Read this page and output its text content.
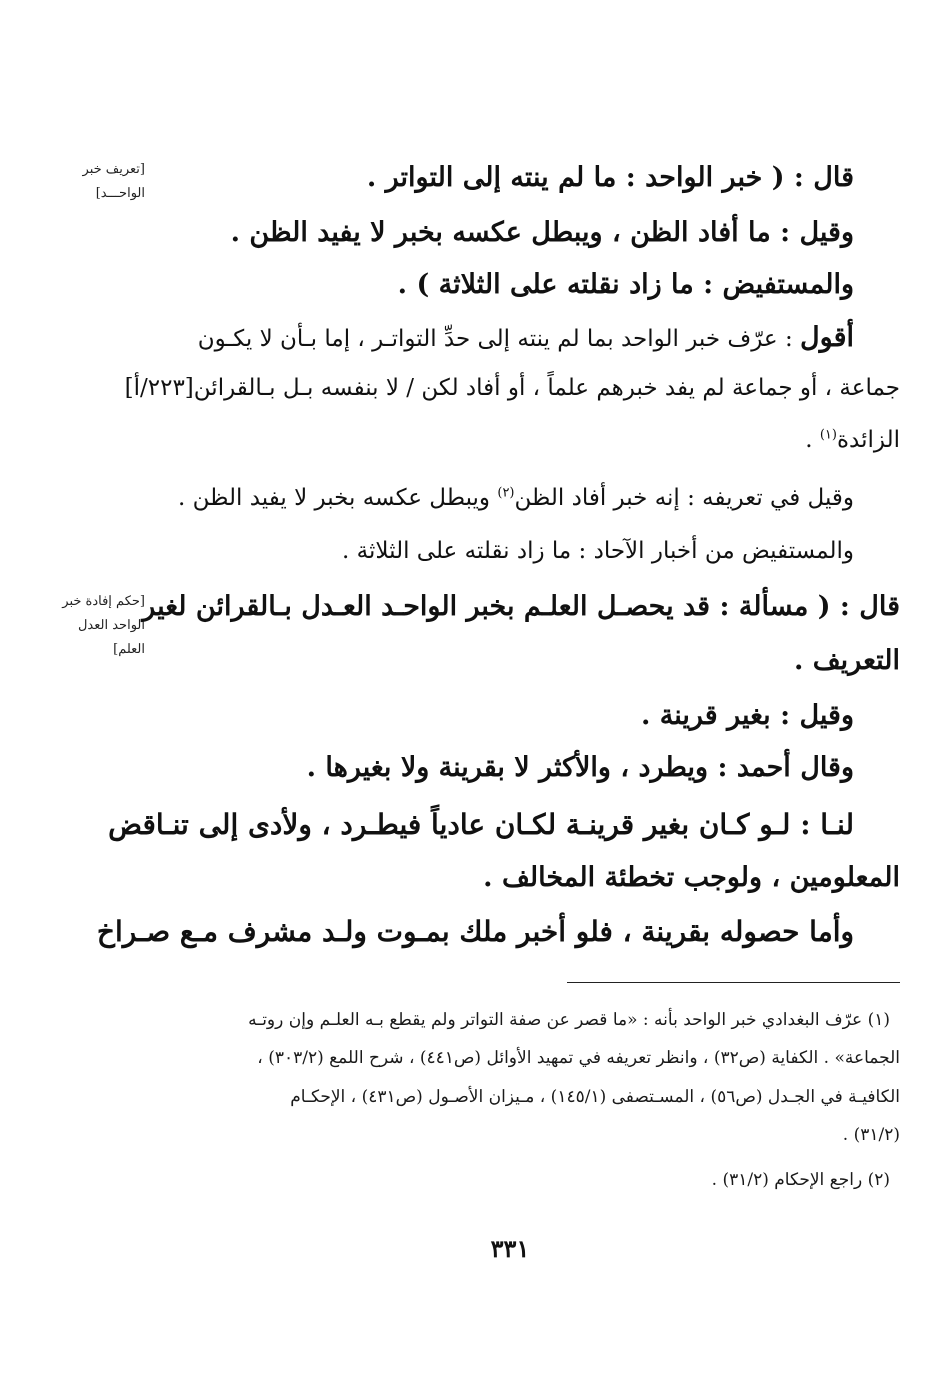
[تعريف خبر الواحـــد]
[حكم إفادة خبر الواحد العدل العلم]
قال : ( خبر الواحد : ما لم ينته إلى التواتر .
وقيل : ما أفاد الظن ، ويبطل عكسه بخبر لا يفيد الظن .
والمستفيض : ما زاد نقلته على الثلاثة ) .
أقول : عرّف خبر الواحد بما لم ينته إلى حدِّ التواتـر ، إما بـأن لا يكـون
جماعة ، أو جماعة لم يفد خبرهم علماً ، أو أفاد لكن / لا بنفسه بـل بـالقرائن[٢٢٣/أ]
الزائدة$^{(١)}$ .
وقيل في تعريفه : إنه خبر أفاد الظن$^{(٢)}$ ويبطل عكسه بخبر لا يفيد الظن .
والمستفيض من أخبار الآحاد : ما زاد نقلته على الثلاثة .
قال : ( مسألة : قد يحصـل العلـم بخبر الواحـد العـدل بـالقرائن لغير
التعريف .
وقيل : بغير قرينة .
وقال أحمد : ويطرد ، والأكثر لا بقرينة ولا بغيرها .
لنـا : لـو كـان بغير قرينـة لكـان عادياً فيطـرد ، ولأدى إلى تنـاقض
المعلومين ، ولوجب تخطئة المخالف .
وأما حصوله بقرينة ، فلو أخبر ملك بمـوت ولـد مشرف مـع صـراخ
(١) عرّف البغدادي خبر الواحد بأنه : «ما قصر عن صفة التواتر ولم يقطع بـه العلـم وإن روتـه
الجماعة» . الكفاية (ص٣٢) ، وانظر تعريفه في تمهيد الأوائل (ص٤٤١) ، شرح اللمع (٣٠٣/٢) ،
الكافيـة في الجـدل (ص٥٦) ، المسـتصفى (١٤٥/١) ، مـيزان الأصـول (ص٤٣١) ، الإحكـام
(٣١/٢) .
(٢) راجع الإحكام (٣١/٢) .
٣٣١
